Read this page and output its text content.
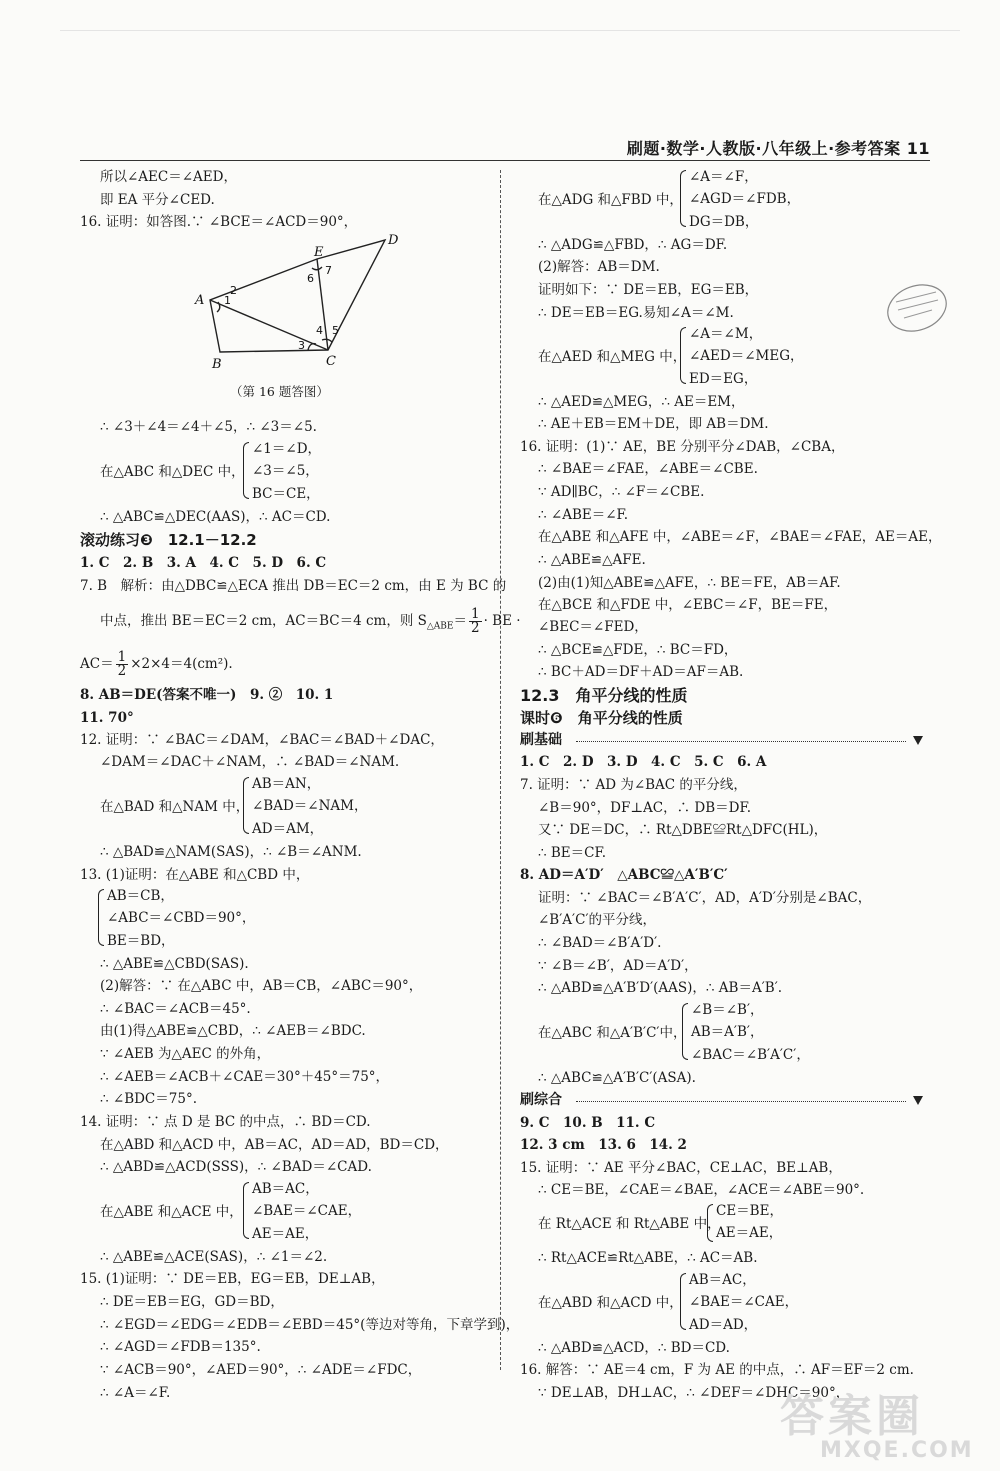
刷题·数学·人教版·八年级上·参考答案 11
所以∠AEC＝∠AED，
即 EA 平分∠CED.
16. 证明：如答图.∵ ∠BCE＝∠ACD＝90°，
A
B	C
D
E
1
2
3
4 5
6
7
（第 16 题答图）
∴ ∠3＋∠4＝∠4＋∠5，∴ ∠3＝∠5.
在△ABC 和△DEC 中，
∠1＝∠D，
∠3＝∠5，
BC＝CE，
∴ △ABC≌△DEC(AAS)，∴ AC＝CD.
滚动练习❸　12.1－12.2
1. C　2. B　3. A　4. C　5. D　6. C
7. B　解析：由△DBC≌△ECA 推出 DB＝EC＝2 cm，由 E 为 BC 的
中点，推出 BE＝EC＝2 cm，AC＝BC＝4 cm，则 $S_{\triangle ABE}= \frac{1}{2}$ · BE ·
$AC= \frac{1}{2} \times 2\times 4=4(cm^2)$.
8. AB＝DE(答案不唯一)　9. ②　10. 1
11. 70°
12. 证明：∵ ∠BAC＝∠DAM，∠BAC＝∠BAD＋∠DAC，
∠DAM＝∠DAC＋∠NAM，∴ ∠BAD＝∠NAM.
在△BAD 和△NAM 中，
AB＝AN，
∠BAD＝∠NAM，
AD＝AM，
∴ △BAD≌△NAM(SAS)，∴ ∠B＝∠ANM.
13. (1)证明：在△ABE 和△CBD 中，
AB＝CB，
∠ABC＝∠CBD＝90°，
BE＝BD，
∴ △ABE≌△CBD(SAS).
(2)解答：∵ 在△ABC 中，AB＝CB，∠ABC＝90°，
∴ ∠BAC＝∠ACB＝45°.
由(1)得△ABE≌△CBD，∴ ∠AEB＝∠BDC.
∵ ∠AEB 为△AEC 的外角，
∴ ∠AEB＝∠ACB＋∠CAE＝30°＋45°＝75°，
∴ ∠BDC＝75°.
14. 证明：∵ 点 D 是 BC 的中点，∴ BD＝CD.
在△ABD 和△ACD 中，AB＝AC，AD＝AD，BD＝CD，
∴ △ABD≌△ACD(SSS)，∴ ∠BAD＝∠CAD.
在△ABE 和△ACE 中，
AB＝AC，
∠BAE＝∠CAE，
AE＝AE，
∴ △ABE≌△ACE(SAS)，∴ ∠1＝∠2.
15. (1)证明：∵ DE＝EB，EG＝EB，DE⊥AB，
∴ DE＝EB＝EG，GD＝BD，
∴ ∠EGD＝∠EDG＝∠EDB＝∠EBD＝45°(等边对等角，下章学到)，
∴ ∠AGD＝∠FDB＝135°.
∵ ∠ACB＝90°，∠AED＝90°，∴ ∠ADE＝∠FDC，
∴ ∠A＝∠F.
在△ADG 和△FBD 中，
∠A＝∠F，
∠AGD＝∠FDB，
DG＝DB，
∴ △ADG≌△FBD，∴ AG＝DF.
(2)解答：AB＝DM.
证明如下：∵ DE＝EB，EG＝EB，
∴ DE＝EB＝EG.易知∠A＝∠M.
在△AED 和△MEG 中，
∠A＝∠M，
∠AED＝∠MEG，
ED＝EG，
∴ △AED≌△MEG，∴ AE＝EM，
∴ AE＋EB＝EM＋DE，即 AB＝DM.
16. 证明：(1)∵ AE，BE 分别平分∠DAB，∠CBA，
∴ ∠BAE＝∠FAE，∠ABE＝∠CBE.
∵ AD∥BC，∴ ∠F＝∠CBE.
∴ ∠ABE＝∠F.
在△ABE 和△AFE 中，∠ABE＝∠F，∠BAE＝∠FAE，AE＝AE，
∴ △ABE≌△AFE.
(2)由(1)知△ABE≌△AFE，∴ BE＝FE，AB＝AF.
在△BCE 和△FDE 中，∠EBC＝∠F，BE＝FE，
∠BEC＝∠FED，
∴ △BCE≌△FDE，∴ BC＝FD，
∴ BC＋AD＝DF＋AD＝AF＝AB.
12.3　角平分线的性质
课时❻　角平分线的性质
刷基础
1. C　2. D　3. D　4. C　5. C　6. A
7. 证明：∵ AD 为∠BAC 的平分线，
∠B＝90°，DF⊥AC，∴ DB＝DF.
又∵ DE＝DC，∴ Rt△DBE≌Rt△DFC(HL)，
∴ BE＝CF.
8. AD＝A′D′　△ABC≌△A′B′C′
证明：∵ ∠BAC＝∠B′A′C′，AD，A′D′分别是∠BAC，
∠B′A′C′的平分线，
∴ ∠BAD＝∠B′A′D′.
∵ ∠B＝∠B′，AD＝A′D′，
∴ △ABD≌△A′B′D′(AAS)，∴ AB＝A′B′.
在△ABC 和△A′B′C′中，
∠B＝∠B′，
AB＝A′B′，
∠BAC＝∠B′A′C′，
∴ △ABC≌△A′B′C′(ASA).
刷综合
9. C　10. B　11. C
12. 3 cm　13. 6　14. 2
15. 证明：∵ AE 平分∠BAC，CE⊥AC，BE⊥AB，
∴ CE＝BE，∠CAE＝∠BAE，∠ACE＝∠ABE＝90°.
在 Rt△ACE 和 Rt△ABE 中，
CE＝BE，
AE＝AE，
∴ Rt△ACE≌Rt△ABE，∴ AC＝AB.
在△ABD 和△ACD 中，
AB＝AC，
∠BAE＝∠CAE，
AD＝AD，
∴ △ABD≌△ACD，∴ BD＝CD.
16. 解答：∵ AE＝4 cm，F 为 AE 的中点，∴ AF＝EF＝2 cm.
∵ DE⊥AB，DH⊥AC，∴ ∠DEF＝∠DHC＝90°，
答案圈
MXQE.COM
